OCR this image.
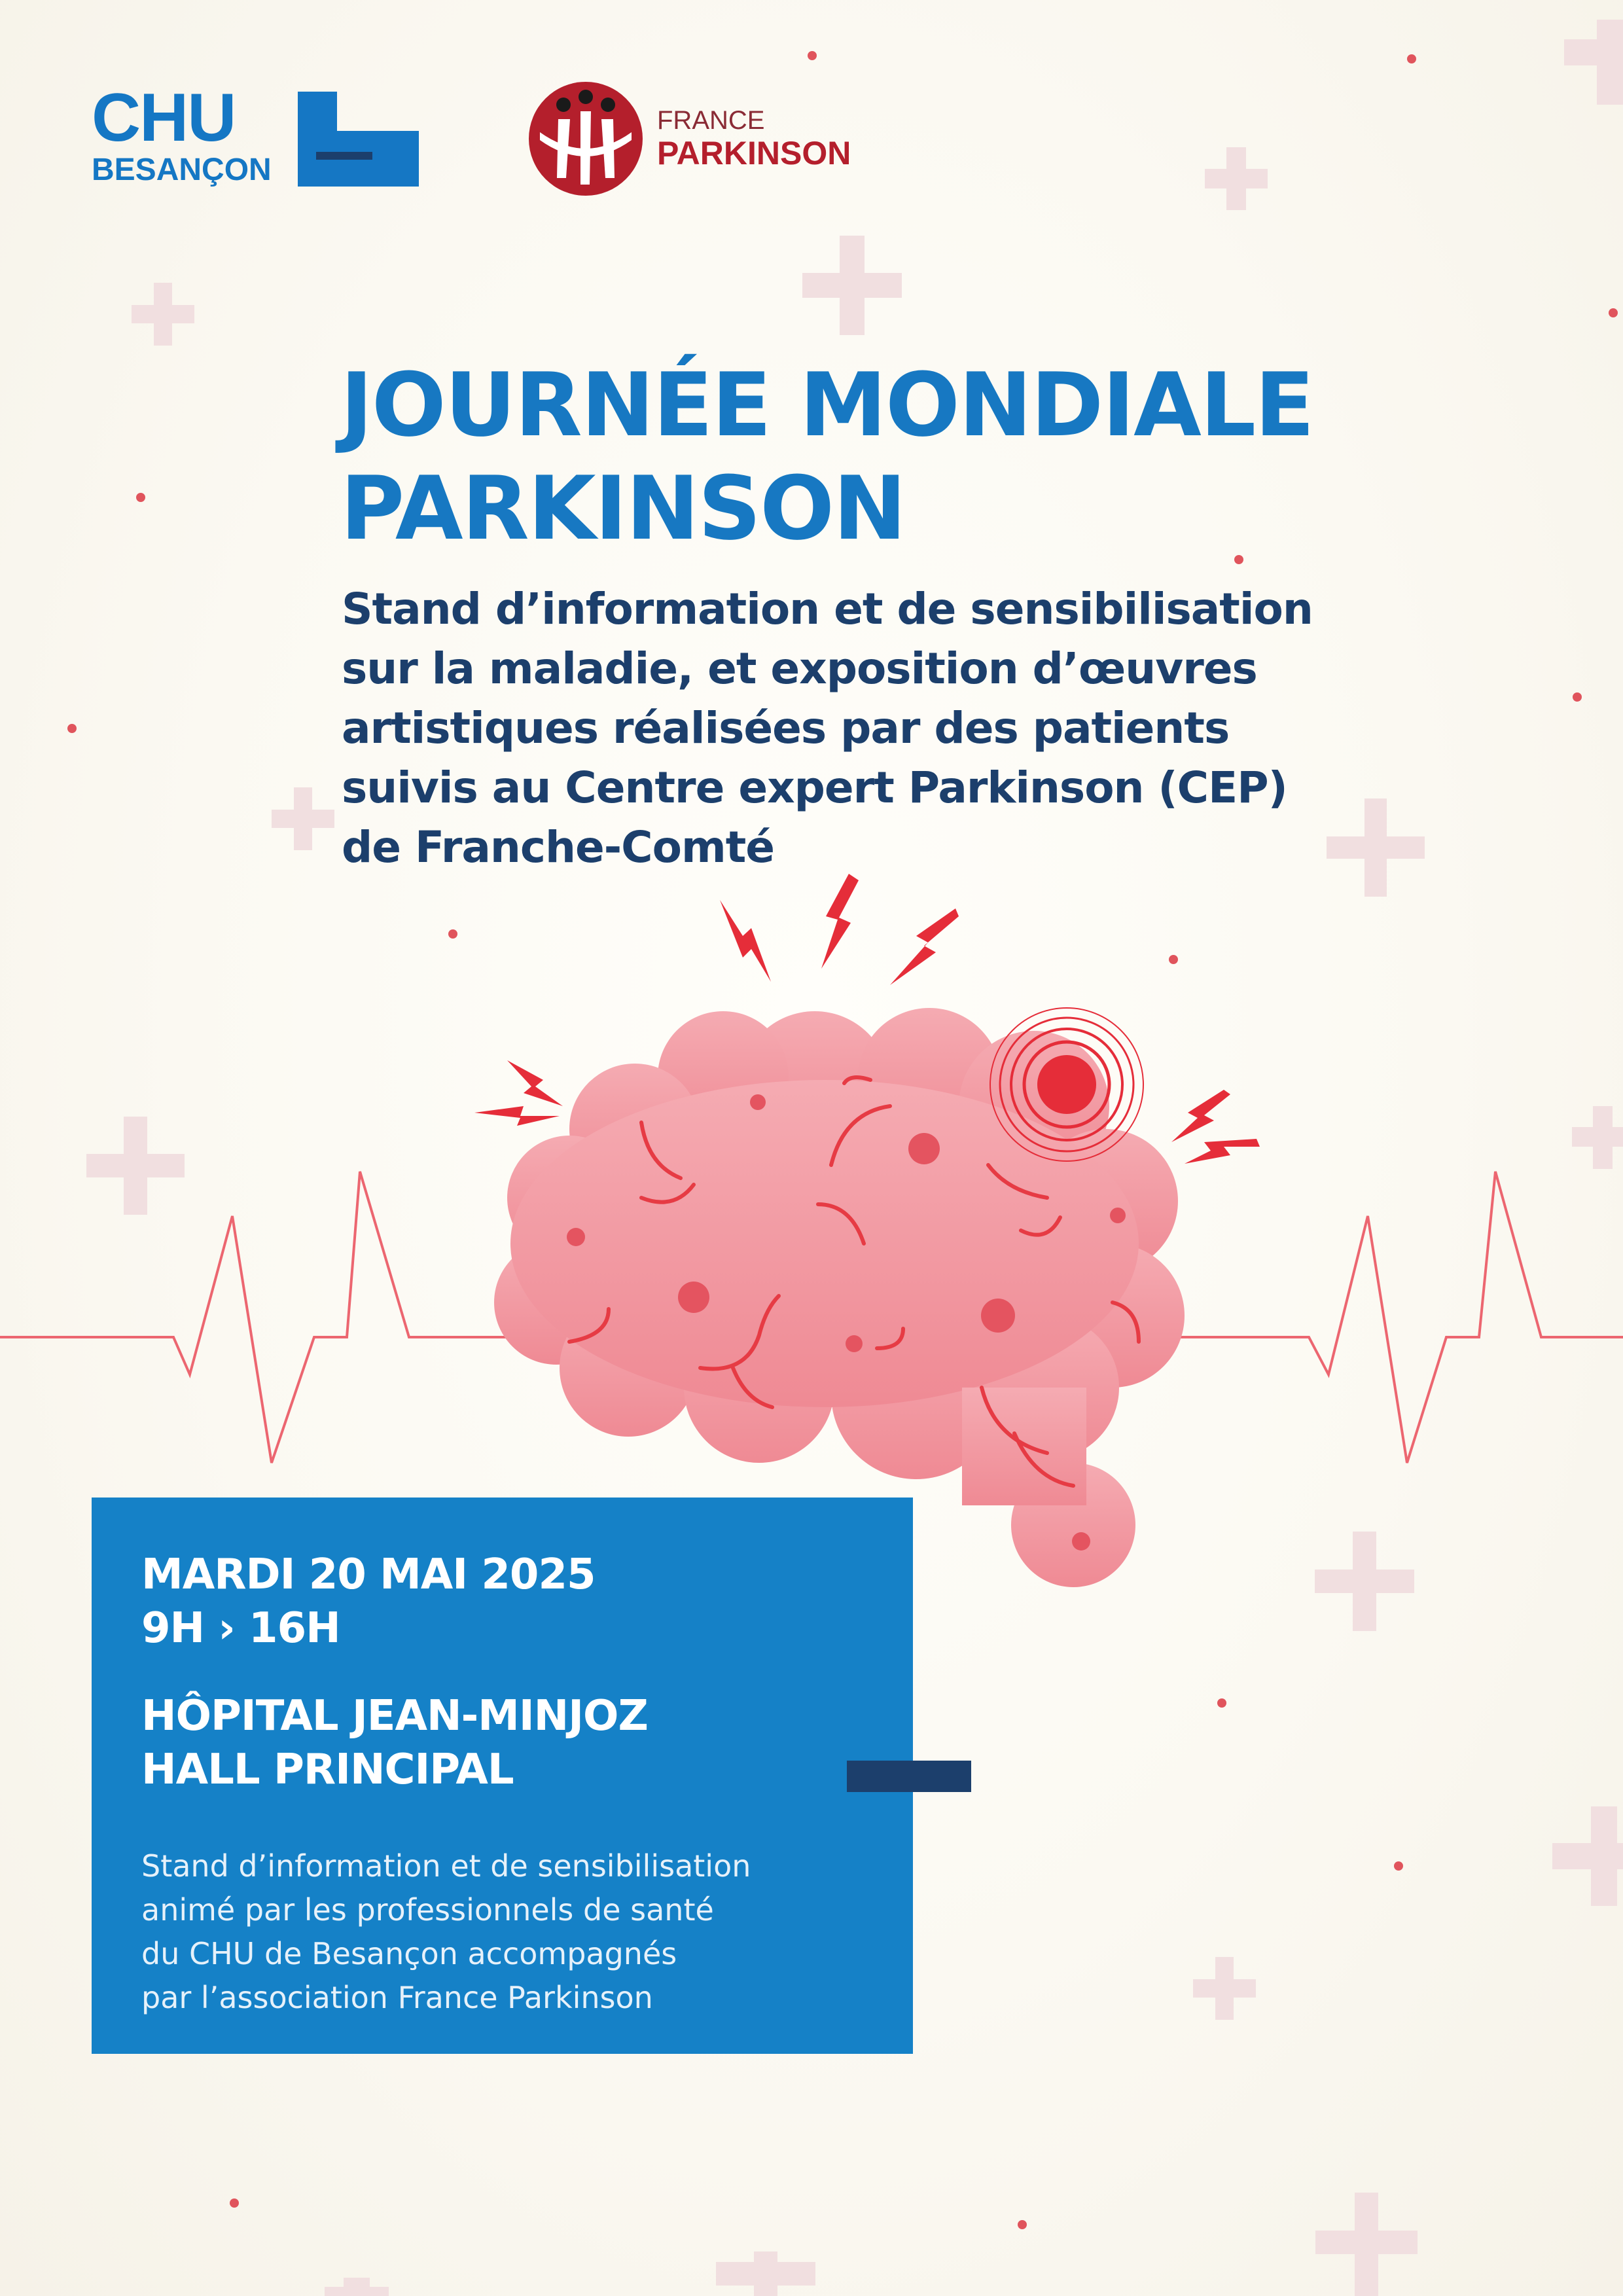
CHU
BESANÇON
FRANCE
PARKINSON
JOURNÉE MONDIALE
PARKINSON
Stand d’information et de sensibilisation
sur la maladie, et exposition d’œuvres
artistiques réalisées par des patients
suivis au Centre expert Parkinson (CEP)
de Franche-Comté
MARDI 20 MAI 2025
9H › 16H
HÔPITAL JEAN-MINJOZ
HALL PRINCIPAL
Stand d’information et de sensibilisation
animé par les professionnels de santé
du CHU de Besançon accompagnés
par l’association France Parkinson
